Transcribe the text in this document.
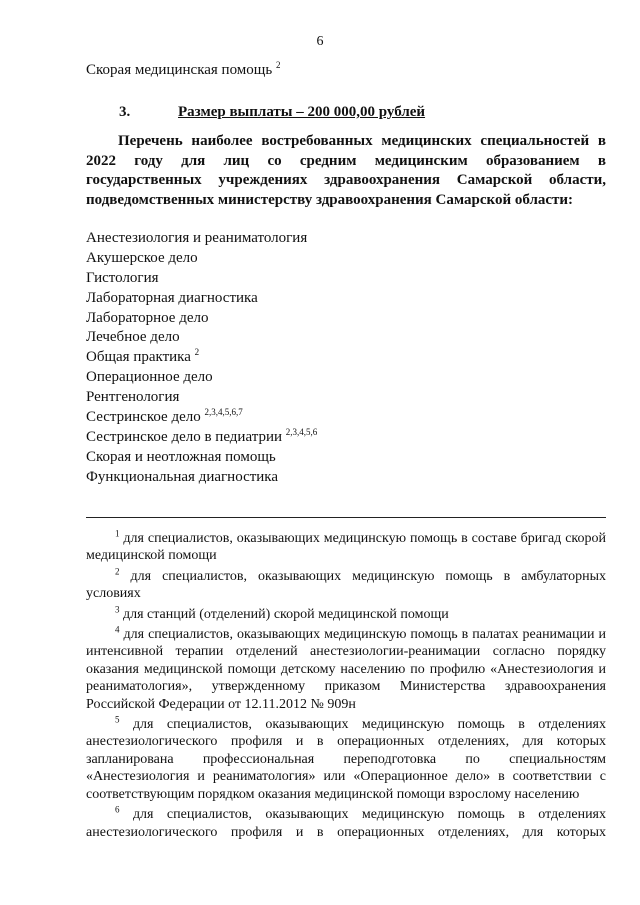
6
Скорая медицинская помощь $^2$
3.	Размер выплаты – 200 000,00 рублей
Перечень наиболее востребованных медицинских специальностей в 2022 году для лиц со средним медицинским образованием в государственных учреждениях здравоохранения Самарской области, подведомственных министерству здравоохранения Самарской области:
Анестезиология и реаниматология
Акушерское дело
Гистология
Лабораторная диагностика
Лабораторное дело
Лечебное дело
Общая практика $^2$
Операционное дело
Рентгенология
Сестринское дело $^{2,3,4,5,6,7}$
Сестринское дело в педиатрии $^{2,3,4,5,6}$
Скорая и неотложная помощь
Функциональная диагностика
$^1$ для специалистов, оказывающих медицинскую помощь в составе бригад скорой медицинской помощи
$^2$ для специалистов, оказывающих медицинскую помощь в амбулаторных условиях
$^3$ для станций (отделений) скорой медицинской помощи
$^4$ для специалистов, оказывающих медицинскую помощь в палатах реанимации и интенсивной терапии отделений анестезиологии-реанимации согласно порядку оказания медицинской помощи детскому населению по профилю «Анестезиология и реаниматология», утвержденному приказом Министерства здравоохранения Российской Федерации от 12.11.2012 № 909н
$^5$ для специалистов, оказывающих медицинскую помощь в отделениях анестезиологического профиля и в операционных отделениях, для которых запланирована профессиональная переподготовка по специальностям «Анестезиология и реаниматология» или «Операционное дело» в соответствии с соответствующим порядком оказания медицинской помощи взрослому населению
$^6$ для специалистов, оказывающих медицинскую помощь в отделениях анестезиологического профиля и в операционных отделениях, для которых
